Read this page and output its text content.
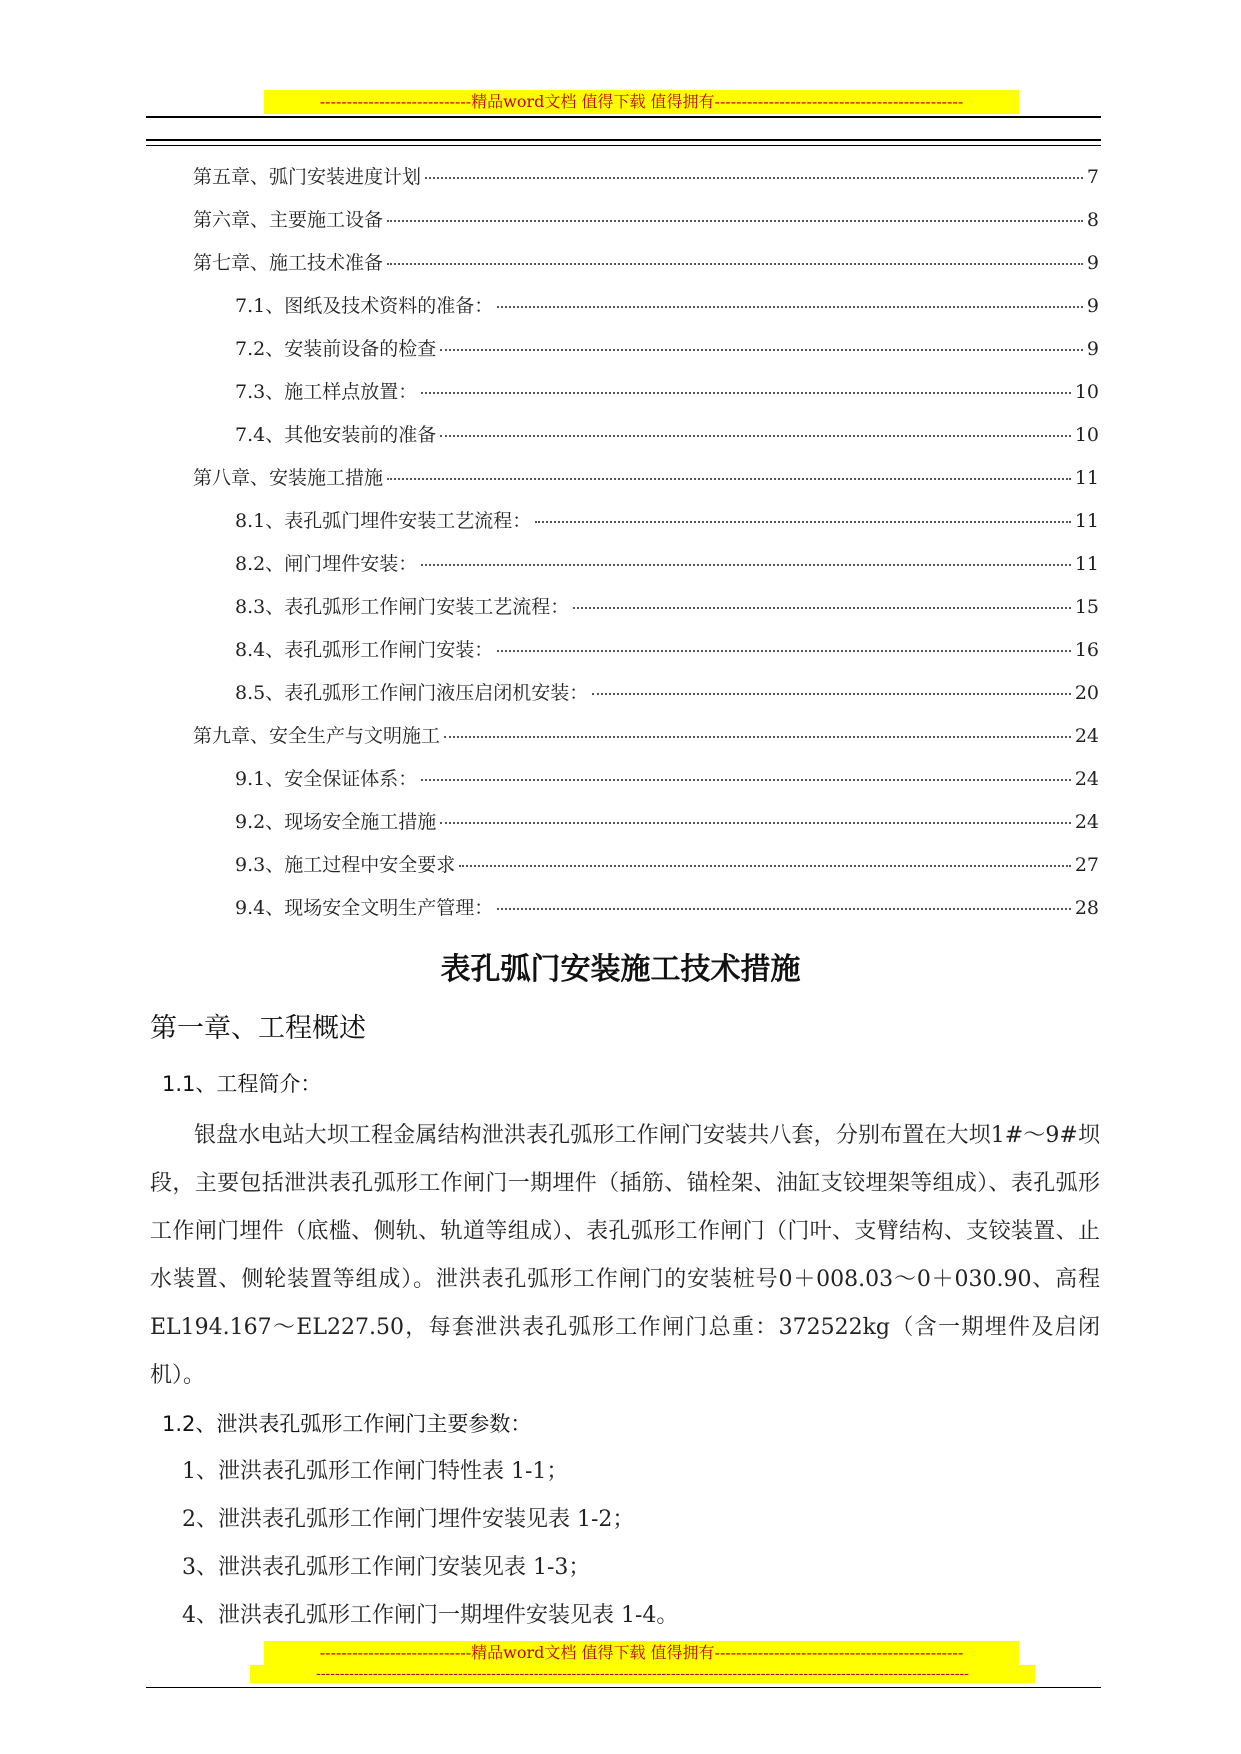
----------------------------精品word文档 值得下载 值得拥有----------------------------------------------
第五章、弧门安装进度计划	7
第六章、主要施工设备	8
第七章、施工技术准备	9
7.1、图纸及技术资料的准备：	9
7.2、安装前设备的检查	9
7.3、施工样点放置：	10
7.4、其他安装前的准备	10
第八章、安装施工措施	11
8.1、表孔弧门埋件安装工艺流程：	11
8.2、闸门埋件安装：	11
8.3、表孔弧形工作闸门安装工艺流程：	15
8.4、表孔弧形工作闸门安装：	16
8.5、表孔弧形工作闸门液压启闭机安装：	20
第九章、安全生产与文明施工	24
9.1、安全保证体系：	24
9.2、现场安全施工措施	24
9.3、施工过程中安全要求	27
9.4、现场安全文明生产管理：	28
表孔弧门安装施工技术措施
第一章、工程概述
1.1、工程简介：
银盘水电站大坝工程金属结构泄洪表孔弧形工作闸门安装共八套，分别布置在大坝1#～9#坝段，主要包括泄洪表孔弧形工作闸门一期埋件（插筋、锚栓架、油缸支铰埋架等组成）、表孔弧形工作闸门埋件（底槛、侧轨、轨道等组成）、表孔弧形工作闸门（门叶、支臂结构、支铰装置、止水装置、侧轮装置等组成）。泄洪表孔弧形工作闸门的安装桩号0＋008.03～0＋030.90、高程EL194.167～EL227.50，每套泄洪表孔弧形工作闸门总重：372522kg（含一期埋件及启闭机）。
1.2、泄洪表孔弧形工作闸门主要参数：
1、泄洪表孔弧形工作闸门特性表 1-1；
2、泄洪表孔弧形工作闸门埋件安装见表 1-2；
3、泄洪表孔弧形工作闸门安装见表 1-3；
4、泄洪表孔弧形工作闸门一期埋件安装见表 1-4。
----------------------------精品word文档 值得下载 值得拥有----------------------------------------------
------------------------------------------------------------------------------------------------------------------------------------------
